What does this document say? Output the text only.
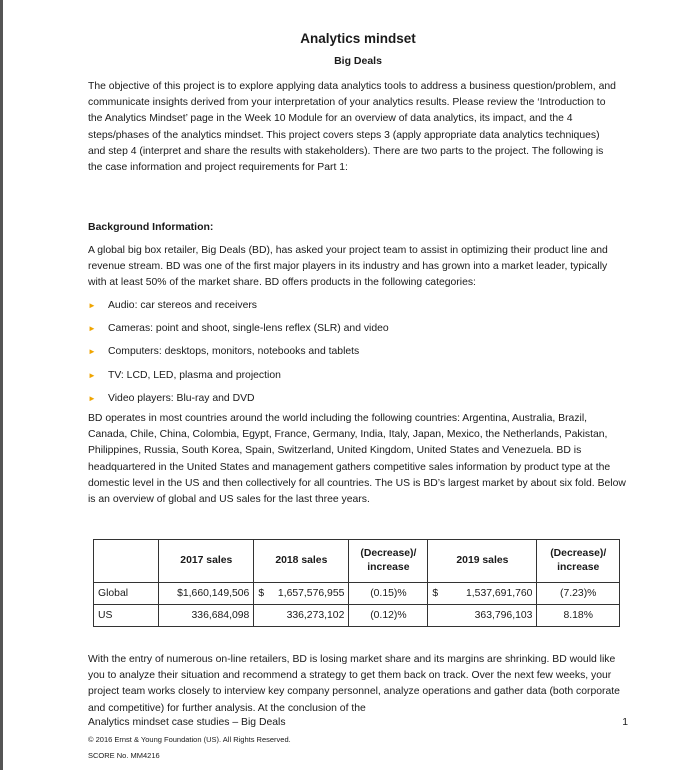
Analytics mindset
Big Deals

The objective of this project is to explore applying data analytics tools to address a business question/problem, and communicate insights derived from your interpretation of your analytics results. Please review the ‘Introduction to the Analytics Mindset’ page in the Week 10 Module for an overview of data analytics, its impact, and the 4 steps/phases of the analytics mindset. This project covers steps 3 (apply appropriate data analytics techniques) and step 4 (interpret and share the results with stakeholders). There are two parts to the project. The following is the case information and project requirements for Part 1:

Background Information:

A global big box retailer, Big Deals (BD), has asked your project team to assist in optimizing their product line and revenue stream. BD was one of the first major players in its industry and has grown into a market leader, typically with at least 50% of the market share. BD offers products in the following categories:

►	Audio: car stereos and receivers
►	Cameras: point and shoot, single-lens reflex (SLR) and video
►	Computers: desktops, monitors, notebooks and tablets
►	TV: LCD, LED, plasma and projection
►	Video players: Blu-ray and DVD

BD operates in most countries around the world including the following countries: Argentina, Australia, Brazil, Canada, Chile, China, Colombia, Egypt, France, Germany, India, Italy, Japan, Mexico, the Netherlands, Pakistan, Philippines, Russia, South Korea, Spain, Switzerland, United Kingdom, United States and Venezuela. BD is headquartered in the United States and management gathers competitive sales information by product type at the domestic level in the US and then collectively for all countries. The US is BD’s largest market by about six fold. Below is an overview of global and US sales for the last three years.

	2017 sales	2018 sales	(Decrease)/
increase	2019 sales	(Decrease)/
increase
Global	$1,660,149,506	$ 1,657,576,955	(0.15)%	$ 1,537,691,760	(7.23)%
US	336,684,098	336,273,102	(0.12)%	363,796,103	8.18%

With the entry of numerous on-line retailers, BD is losing market share and its margins are shrinking. BD would like you to analyze their situation and recommend a strategy to get them back on track. Over the next few weeks, your project team works closely to interview key company personnel, analyze operations and gather data (both corporate and competitive) for further analysis. At the conclusion of the

Analytics mindset case studies – Big Deals	1
© 2016 Ernst & Young Foundation (US). All Rights Reserved.
SCORE No. MM4216
